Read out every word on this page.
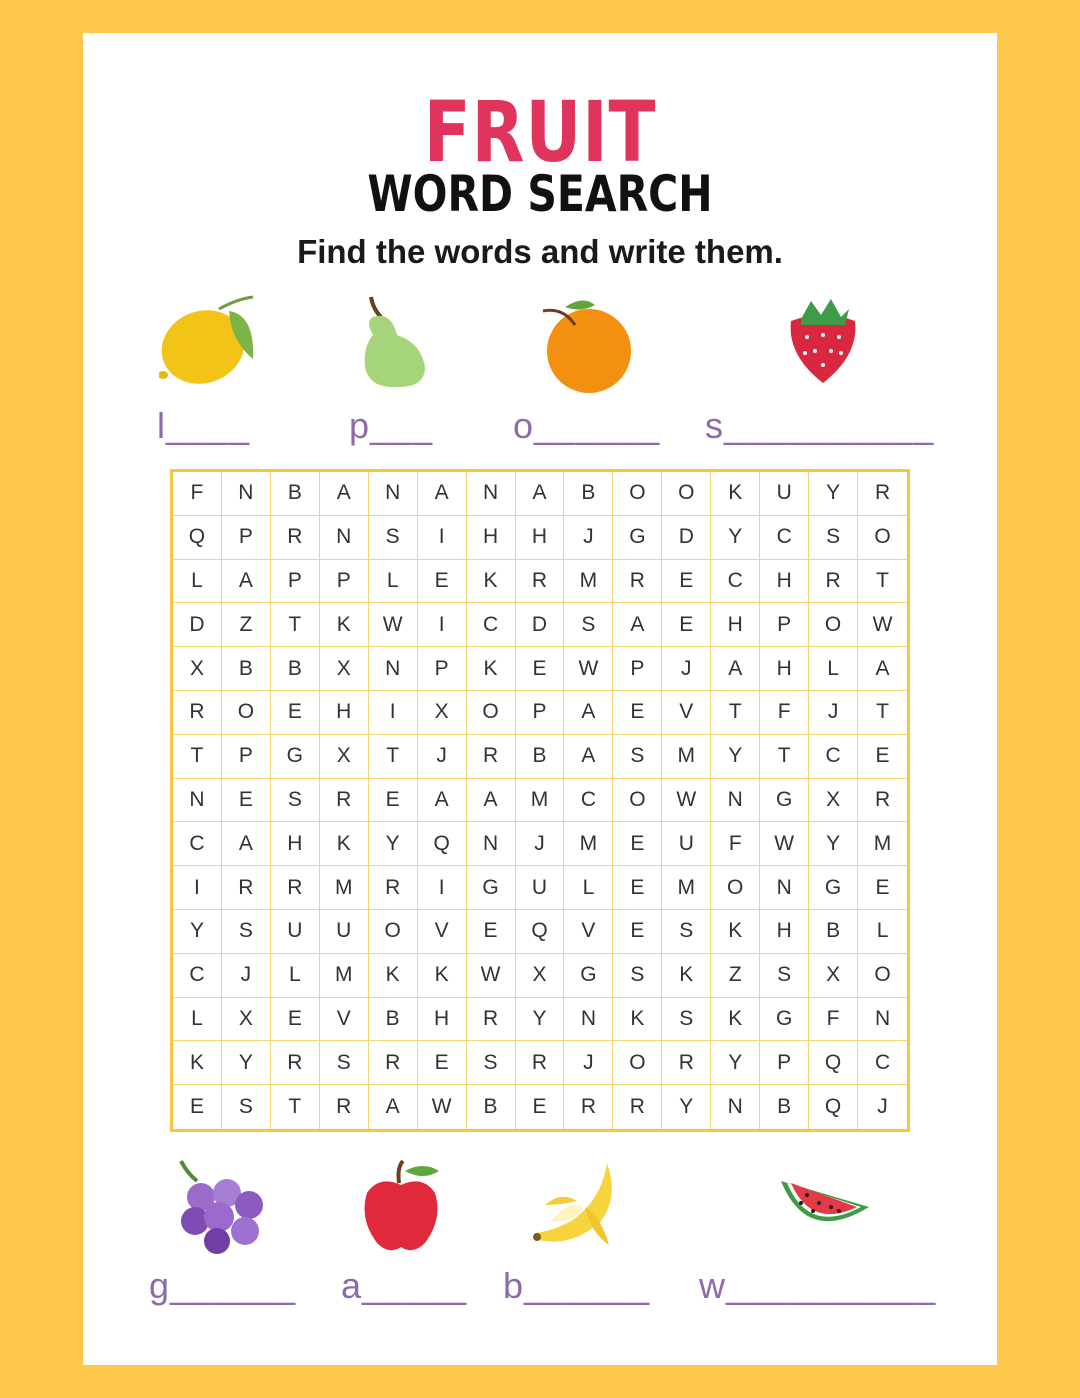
FRUIT
WORD SEARCH
Find the words and write them.
l____	p___ o______ s__________
F	N	B	A	N	A	N	A	B	O	O	K	U	Y	R
Q	P	R	N	S	I	H	H	J	G	D	Y	C	S	O
L	A	P	P	L	E	K	R	M	R	E	C	H	R	T
D	Z	T	K	W	I	C	D	S	A	E	H	P	O	W
X	B	B	X	N	P	K	E	W	P	J	A	H	L	A
R	O	E	H	I	X	O	P	A	E	V	T	F	J	T
T	P	G	X	T	J	R	B	A	S	M	Y	T	C	E
N	E	S	R	E	A	A	M	C	O	W	N	G	X	R
C	A	H	K	Y	Q	N	J	M	E	U	F	W	Y	M
I	R	R	M	R	I	G	U	L	E	M	O	N	G	E
Y	S	U	U	O	V	E	Q	V	E	S	K	H	B	L
C	J	L	M	K	K	W	X	G	S	K	Z	S	X	O
L	X	E	V	B	H	R	Y	N	K	S	K	G	F	N
K	Y	R	S	R	E	S	R	J	O	R	Y	P	Q	C
E	S	T	R	A	W	B	E	R	R	Y	N	B	Q	J
g______ a_____ b______ w__________
